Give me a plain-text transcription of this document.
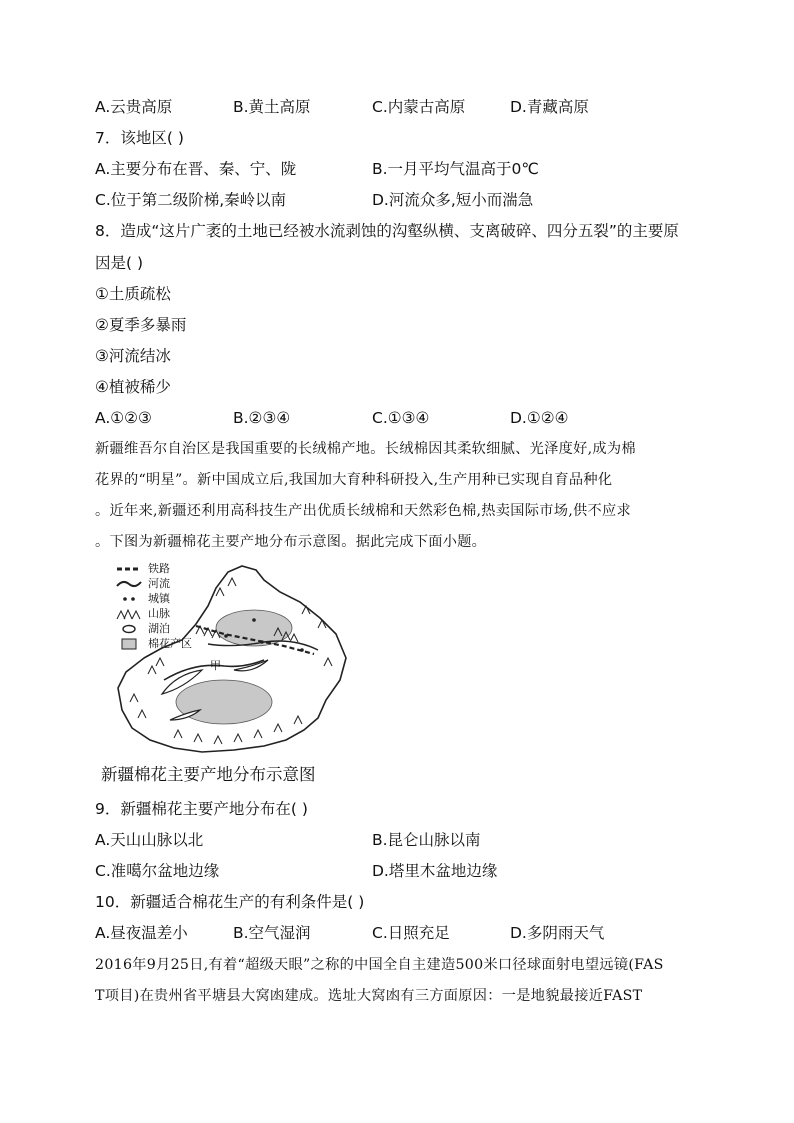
A.云贵高原	B.黄土高原	C.内蒙古高原	D.青藏高原
7．该地区( )
A.主要分布在晋、秦、宁、陇	B.一月平均气温高于0℃
C.位于第二级阶梯,秦岭以南	D.河流众多,短小而湍急
8．造成“这片广袤的土地已经被水流剥蚀的沟壑纵横、支离破碎、四分五裂”的主要原
因是( )
①土质疏松
②夏季多暴雨
③河流结冰
④植被稀少
A.①②③	B.②③④	C.①③④	D.①②④
新疆维吾尔自治区是我国重要的长绒棉产地。长绒棉因其柔软细腻、光泽度好,成为棉
花界的“明星”。新中国成立后,我国加大育种科研投入,生产用种已实现自育品种化
。近年来,新疆还利用高科技生产出优质长绒棉和天然彩色棉,热卖国际市场,供不应求
。下图为新疆棉花主要产地分布示意图。据此完成下面小题。
铁路
河流
城镇
山脉
湖泊
棉花产区
甲
新疆棉花主要产地分布示意图
9．新疆棉花主要产地分布在( )
A.天山山脉以北	B.昆仑山脉以南
C.准噶尔盆地边缘	D.塔里木盆地边缘
10．新疆适合棉花生产的有利条件是( )
A.昼夜温差小	B.空气湿润	C.日照充足	D.多阴雨天气
2016年9月25日,有着“超级天眼”之称的中国全自主建造500米口径球面射电望远镜(FAS
T项目)在贵州省平塘县大窝凼建成。选址大窝凼有三方面原因：一是地貌最接近FAST
